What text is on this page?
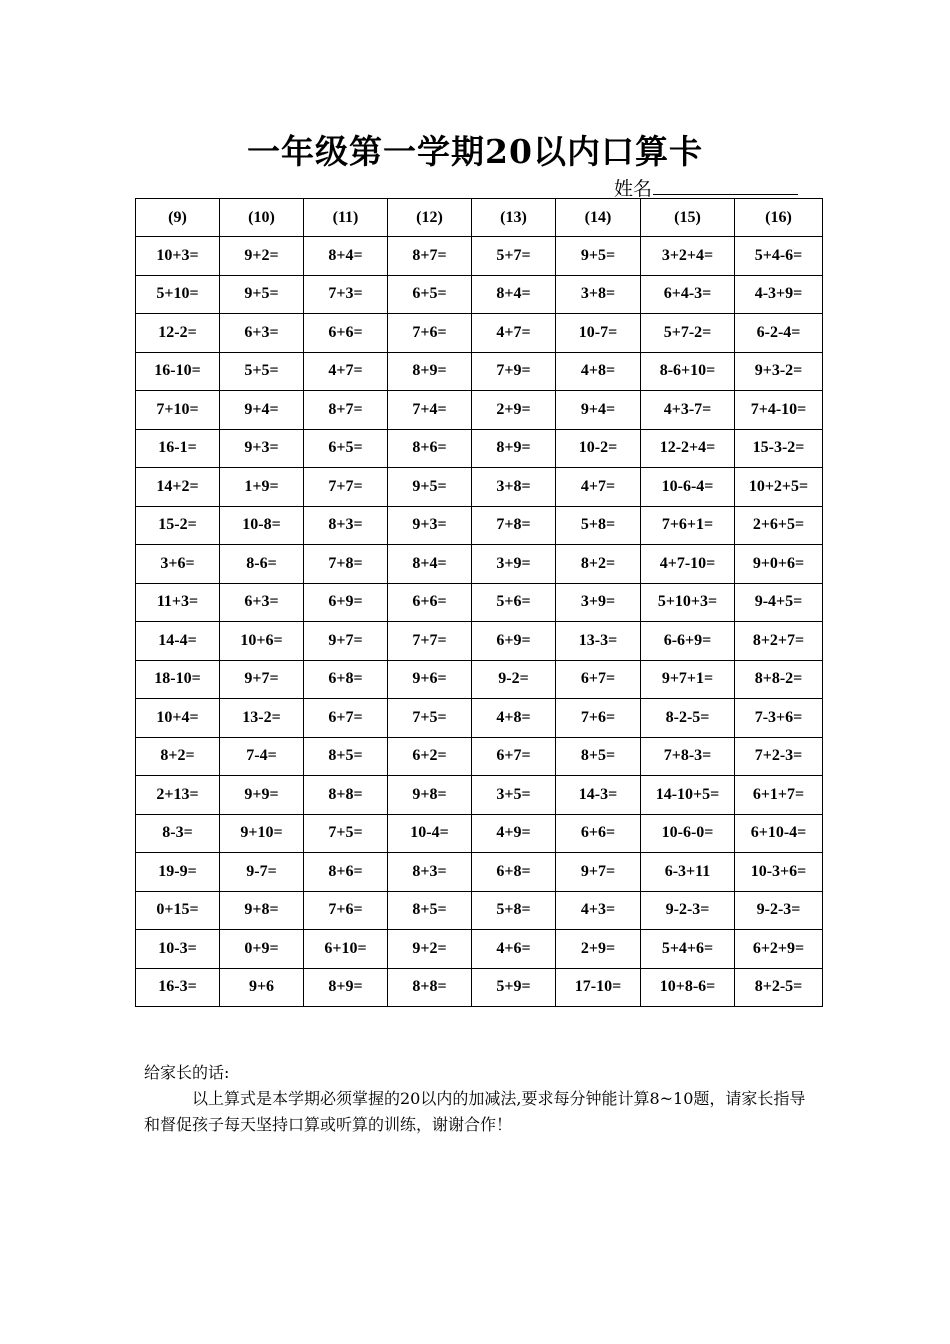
一年级第一学期20以内口算卡
姓名
(9)	(10)	(11)	(12)	(13)	(14)	(15)	(16)
10+3=	9+2=	8+4=	8+7=	5+7=	9+5=	3+2+4=	5+4-6=
5+10=	9+5=	7+3=	6+5=	8+4=	3+8=	6+4-3=	4-3+9=
12-2=	6+3=	6+6=	7+6=	4+7=	10-7=	5+7-2=	6-2-4=
16-10=	5+5=	4+7=	8+9=	7+9=	4+8=	8-6+10=	9+3-2=
7+10=	9+4=	8+7=	7+4=	2+9=	9+4=	4+3-7=	7+4-10=
16-1=	9+3=	6+5=	8+6=	8+9=	10-2=	12-2+4=	15-3-2=
14+2=	1+9=	7+7=	9+5=	3+8=	4+7=	10-6-4=	10+2+5=
15-2=	10-8=	8+3=	9+3=	7+8=	5+8=	7+6+1=	2+6+5=
3+6=	8-6=	7+8=	8+4=	3+9=	8+2=	4+7-10=	9+0+6=
11+3=	6+3=	6+9=	6+6=	5+6=	3+9=	5+10+3=	9-4+5=
14-4=	10+6=	9+7=	7+7=	6+9=	13-3=	6-6+9=	8+2+7=
18-10=	9+7=	6+8=	9+6=	9-2=	6+7=	9+7+1=	8+8-2=
10+4=	13-2=	6+7=	7+5=	4+8=	7+6=	8-2-5=	7-3+6=
8+2=	7-4=	8+5=	6+2=	6+7=	8+5=	7+8-3=	7+2-3=
2+13=	9+9=	8+8=	9+8=	3+5=	14-3=	14-10+5=	6+1+7=
8-3=	9+10=	7+5=	10-4=	4+9=	6+6=	10-6-0=	6+10-4=
19-9=	9-7=	8+6=	8+3=	6+8=	9+7=	6-3+11	10-3+6=
0+15=	9+8=	7+6=	8+5=	5+8=	4+3=	9-2-3=	9-2-3=
10-3=	0+9=	6+10=	9+2=	4+6=	2+9=	5+4+6=	6+2+9=
16-3=	9+6	8+9=	8+8=	5+9=	17-10=	10+8-6=	8+2-5=
给家长的话:
以上算式是本学期必须掌握的20以内的加减法,要求每分钟能计算8~10题，请家长指导和督促孩子每天坚持口算或听算的训练，谢谢合作！
